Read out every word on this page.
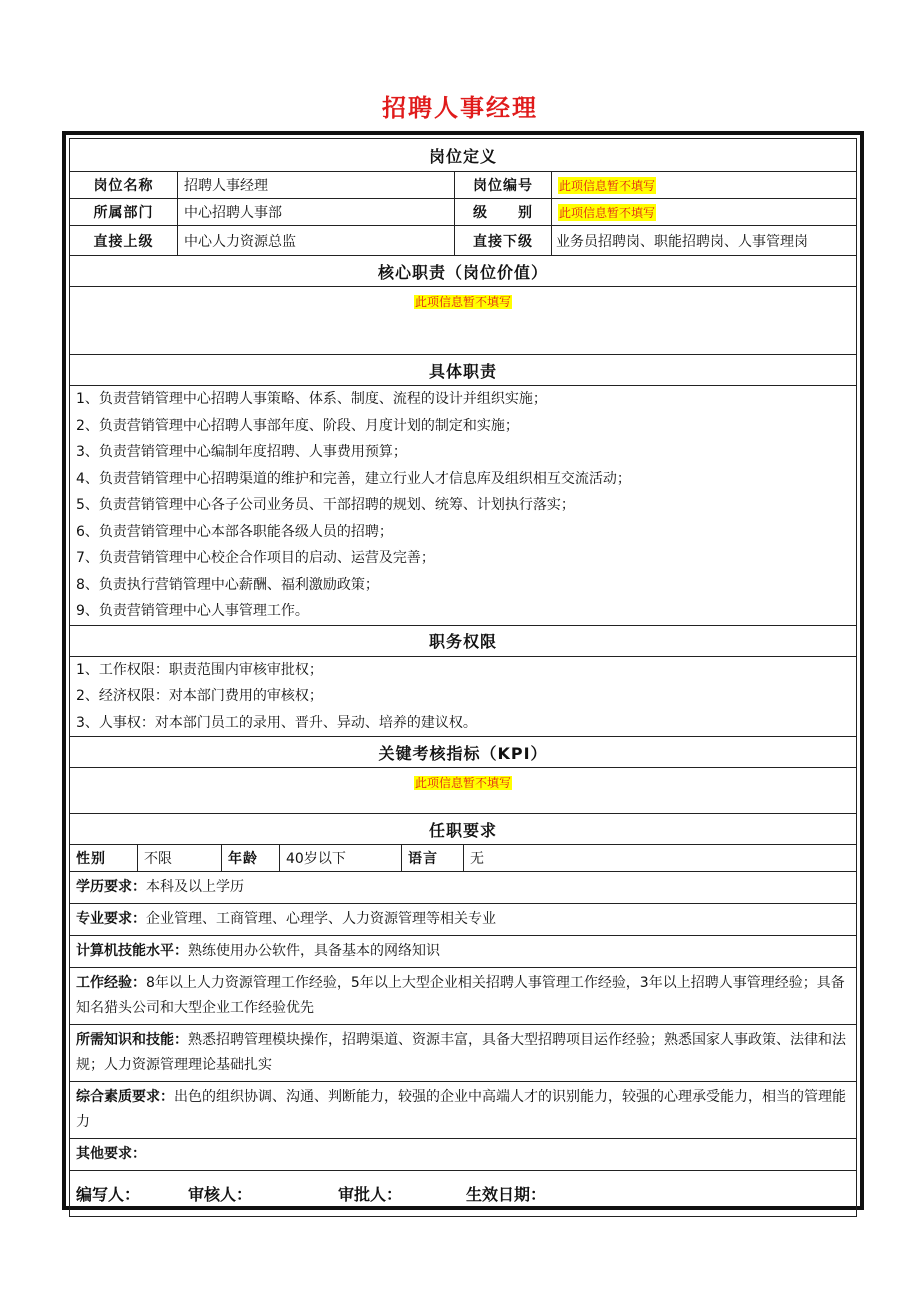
招聘人事经理
岗位定义
岗位名称	招聘人事经理	岗位编号	此项信息暂不填写
所属部门	中心招聘人事部	级　　别	此项信息暂不填写
直接上级	中心人力资源总监	直接下级	业务员招聘岗、职能招聘岗、人事管理岗
核心职责（岗位价值）
此项信息暂不填写
具体职责
1、负责营销管理中心招聘人事策略、体系、制度、流程的设计并组织实施；
2、负责营销管理中心招聘人事部年度、阶段、月度计划的制定和实施；
3、负责营销管理中心编制年度招聘、人事费用预算；
4、负责营销管理中心招聘渠道的维护和完善，建立行业人才信息库及组织相互交流活动；
5、负责营销管理中心各子公司业务员、干部招聘的规划、统筹、计划执行落实；
6、负责营销管理中心本部各职能各级人员的招聘；
7、负责营销管理中心校企合作项目的启动、运营及完善；
8、负责执行营销管理中心薪酬、福利激励政策；
9、负责营销管理中心人事管理工作。
职务权限
1、工作权限：职责范围内审核审批权；
2、经济权限：对本部门费用的审核权；
3、人事权：对本部门员工的录用、晋升、异动、培养的建议权。
关键考核指标（KPI）
此项信息暂不填写
任职要求
性别	不限	年龄	40岁以下	语言	无
学历要求：本科及以上学历
专业要求：企业管理、工商管理、心理学、人力资源管理等相关专业
计算机技能水平：熟练使用办公软件，具备基本的网络知识
工作经验：8年以上人力资源管理工作经验，5年以上大型企业相关招聘人事管理工作经验，3年以上招聘人事管理经验；具备知名猎头公司和大型企业工作经验优先
所需知识和技能：熟悉招聘管理模块操作，招聘渠道、资源丰富，具备大型招聘项目运作经验；熟悉国家人事政策、法律和法规；人力资源管理理论基础扎实
综合素质要求：出色的组织协调、沟通、判断能力，较强的企业中高端人才的识别能力，较强的心理承受能力，相当的管理能力
其他要求：
编写人：	审核人：	审批人：	生效日期：
